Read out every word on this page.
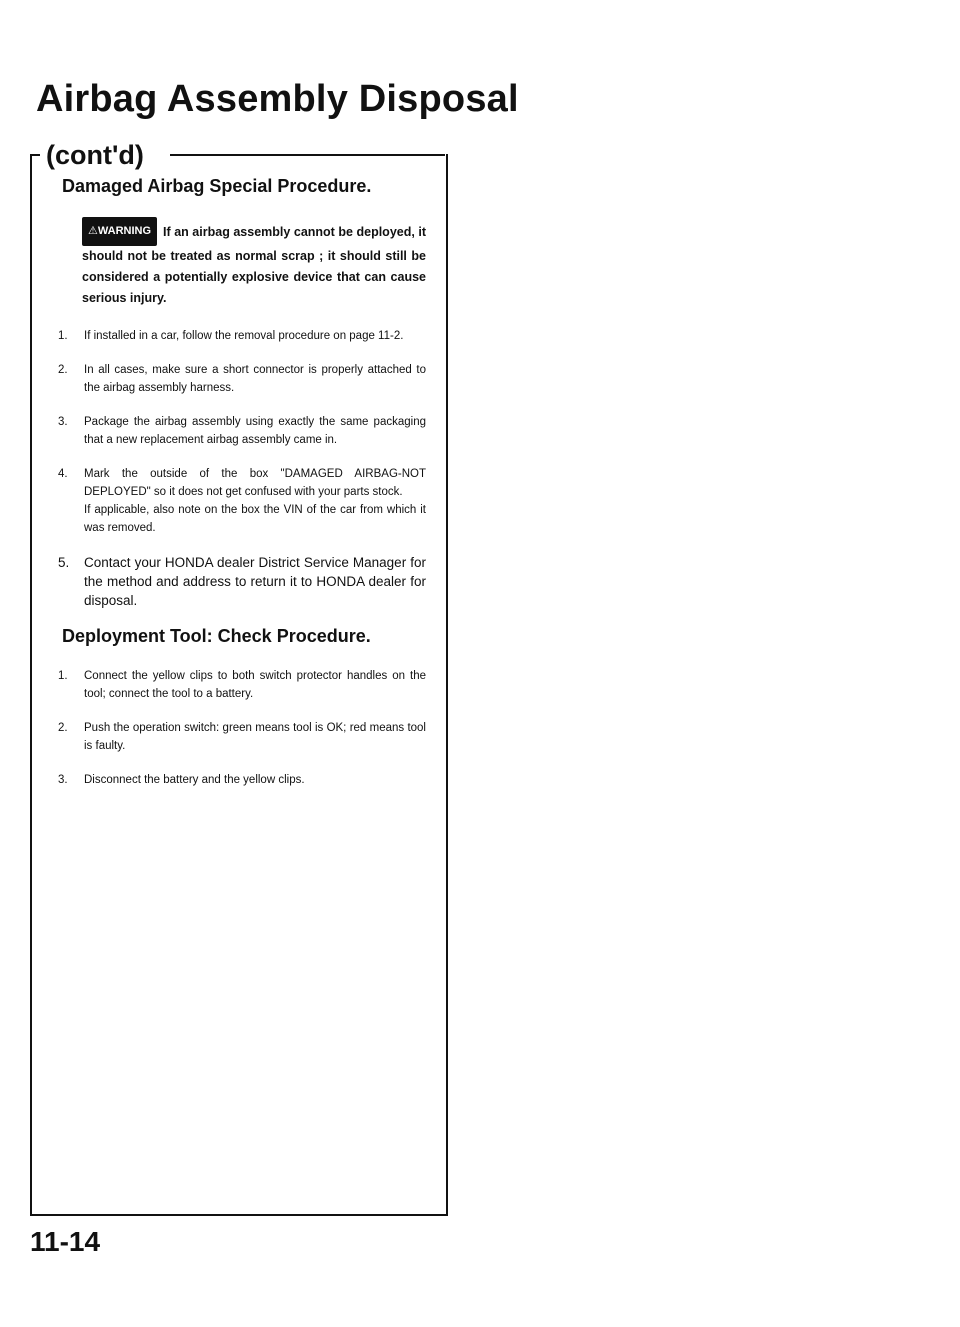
Airbag Assembly Disposal
(cont'd)
Damaged Airbag Special Procedure.
⚠WARNING If an airbag assembly cannot be deployed, it should not be treated as normal scrap ; it should still be considered a potentially explosive device that can cause serious injury.
1. If installed in a car, follow the removal procedure on page 11-2.
2. In all cases, make sure a short connector is properly attached to the airbag assembly harness.
3. Package the airbag assembly using exactly the same packaging that a new replacement airbag assembly came in.
4. Mark the outside of the box "DAMAGED AIRBAG-NOT DEPLOYED" so it does not get confused with your parts stock.
If applicable, also note on the box the VIN of the car from which it was removed.
5. Contact your HONDA dealer District Service Manager for the method and address to return it to HONDA dealer for disposal.
Deployment Tool: Check Procedure.
1. Connect the yellow clips to both switch protector handles on the tool; connect the tool to a battery.
2. Push the operation switch: green means tool is OK; red means tool is faulty.
3. Disconnect the battery and the yellow clips.
11-14
